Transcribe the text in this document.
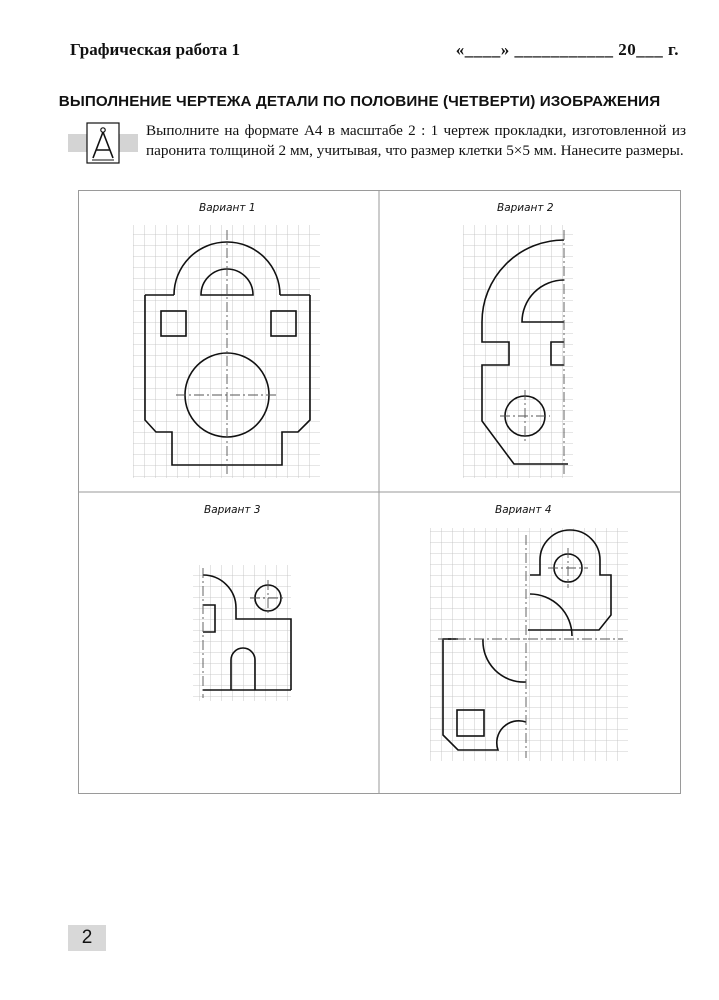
Графическая работа 1	«____» ___________ 20___ г.
ВЫПОЛНЕНИЕ ЧЕРТЕЖА ДЕТАЛИ ПО ПОЛОВИНЕ (ЧЕТВЕРТИ) ИЗОБРАЖЕНИЯ
Выполните на формате А4 в масштабе 2 : 1 чертеж прокладки, изготовленной из паронита толщиной 2 мм, учитывая, что размер клетки 5×5 мм. Нанесите размеры.
Вариант 1	Вариант 2
Вариант 3	Вариант 4
2
